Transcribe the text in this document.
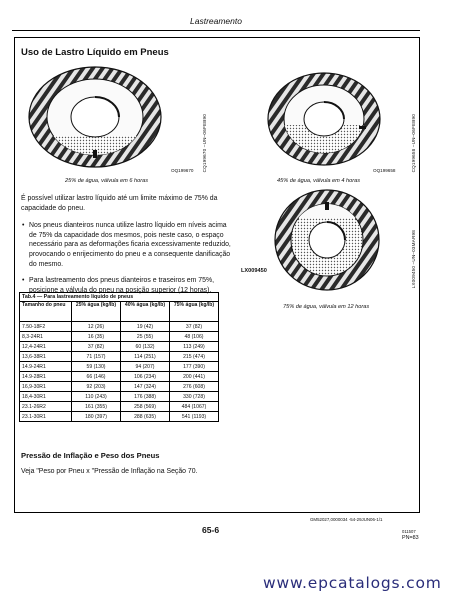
Lastreamento
Uso de Lastro Líquido em Pneus
CQ199670 –UN–06FEB90
OQ199670
25% de água, válvula em 6 horas
CQ199658 –UN–06FEB90
OQ199658
45% de água, válvula em 4 horas
LX009450 –UN–03MAR98
LX009450
75% de água, válvula em 12 horas
É possível utilizar lastro líquido até um limite máximo de 75% da capacidade do pneu.
• Nos pneus dianteiros nunca utilize lastro líquido em níveis acima de 75% da capacidade dos mesmos, pois neste caso, o espaço necessário para as deformações ficaria excessivamente reduzido, provocando o enrijecimento do pneu e a consequente danificação do mesmo.
• Para lastreamento dos pneus dianteiros e traseiros em 75%, posicione a válvula do pneu na posição superior (12 horas).
Tab.4 — Para lastreamento líquido de pneus
Tamanho do pneu	25% água (kg/lb)	40% água (kg/lb)	75% água (kg/lb)
7.50-18F2	12 (26)	19 (42)	37 (82)
8,3-24R1	16 (35)	25 (55)	48 (106)
12,4-24R1	37 (82)	60 (132)	113 (249)
13,6-38R1	71 (157)	114 (251)	215 (474)
14.9-24R1	59 (130)	94 (207)	177 (390)
14.9-28R1	66 (146)	106 (234)	200 (441)
16,9-30R1	92 (203)	147 (324)	276 (608)
18,4-30R1	110 (243)	176 (388)	330 (728)
23.1-26R2	161 (355)	258 (569)	484 (1067)
23.1-30R1	180 (397)	288 (635)	541 (1193)
Pressão de Inflação e Peso dos Pneus
Veja "Peso por Pneu x "Pressão de Inflação na Seção 70.
GM52027,0000034 -54-29JUN06-1/1
65-6	011507
PN=83
www.epcatalogs.com
